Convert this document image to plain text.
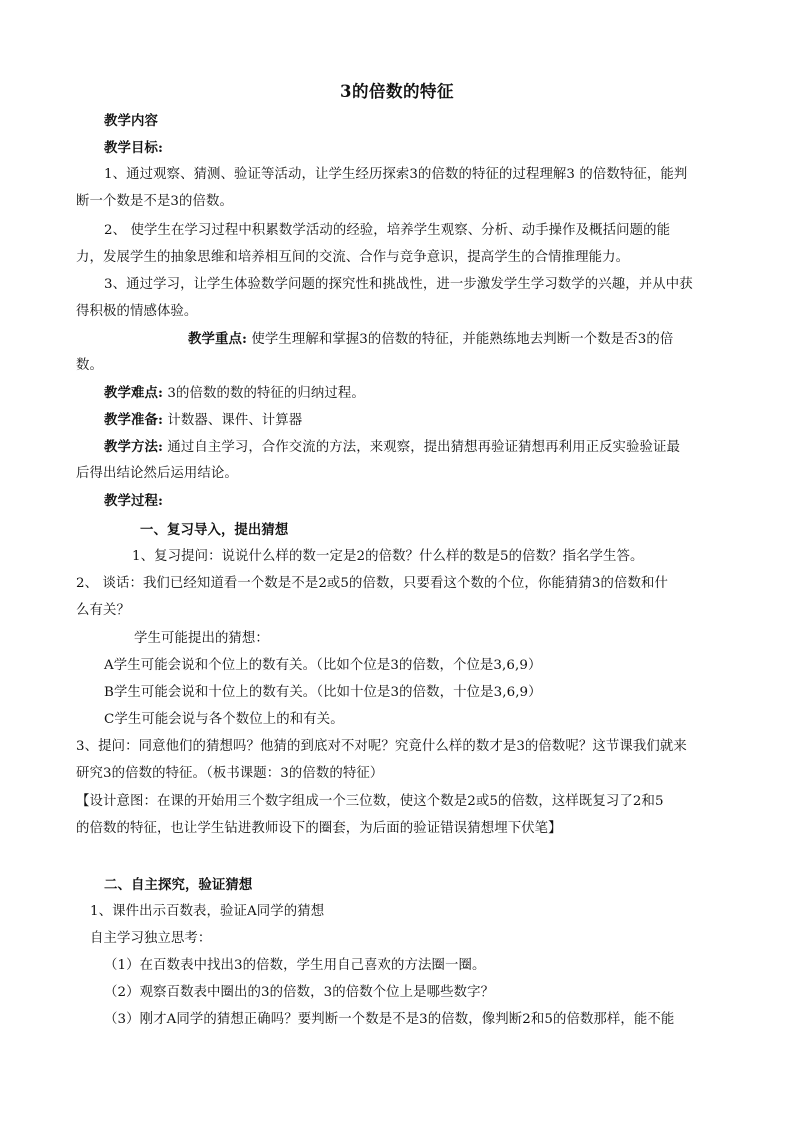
3的倍数的特征
教学内容
教学目标:
1、通过观察、猜测、验证等活动，让学生经历探索3的倍数的特征的过程理解3 的倍数特征，能判
断一个数是不是3的倍数。
2、 使学生在学习过程中积累数学活动的经验，培养学生观察、分析、动手操作及概括问题的能
力，发展学生的抽象思维和培养相互间的交流、合作与竞争意识，提高学生的合情推理能力。
3、通过学习，让学生体验数学问题的探究性和挑战性，进一步激发学生学习数学的兴趣，并从中获
得积极的情感体验。
教学重点: 使学生理解和掌握3的倍数的特征，并能熟练地去判断一个数是否3的倍
数。
教学难点: 3的倍数的数的特征的归纳过程。
教学准备: 计数器、课件、计算器
教学方法: 通过自主学习，合作交流的方法，来观察，提出猜想再验证猜想再利用正反实验验证最
后得出结论然后运用结论。
教学过程:
一、复习导入，提出猜想
1、复习提问：说说什么样的数一定是2的倍数？什么样的数是5的倍数？指名学生答。
2、 谈话：我们已经知道看一个数是不是2或5的倍数，只要看这个数的个位，你能猜猜3的倍数和什
么有关？
学生可能提出的猜想：
A学生可能会说和个位上的数有关。（比如个位是3的倍数，个位是3,6,9）
B学生可能会说和十位上的数有关。（比如十位是3的倍数，十位是3,6,9）
C学生可能会说与各个数位上的和有关。
3、提问：同意他们的猜想吗？他猜的到底对不对呢？究竟什么样的数才是3的倍数呢？这节课我们就来
研究3的倍数的特征。（板书课题：3的倍数的特征）
【设计意图：在课的开始用三个数字组成一个三位数，使这个数是2或5的倍数，这样既复习了2和5
的倍数的特征，也让学生钻进教师设下的圈套，为后面的验证错误猜想埋下伏笔】
二、自主探究，验证猜想
1、课件出示百数表，验证A同学的猜想
自主学习独立思考：
（1）在百数表中找出3的倍数，学生用自己喜欢的方法圈一圈。
（2）观察百数表中圈出的3的倍数，3的倍数个位上是哪些数字？
（3）刚才A同学的猜想正确吗？要判断一个数是不是3的倍数，像判断2和5的倍数那样，能不能
